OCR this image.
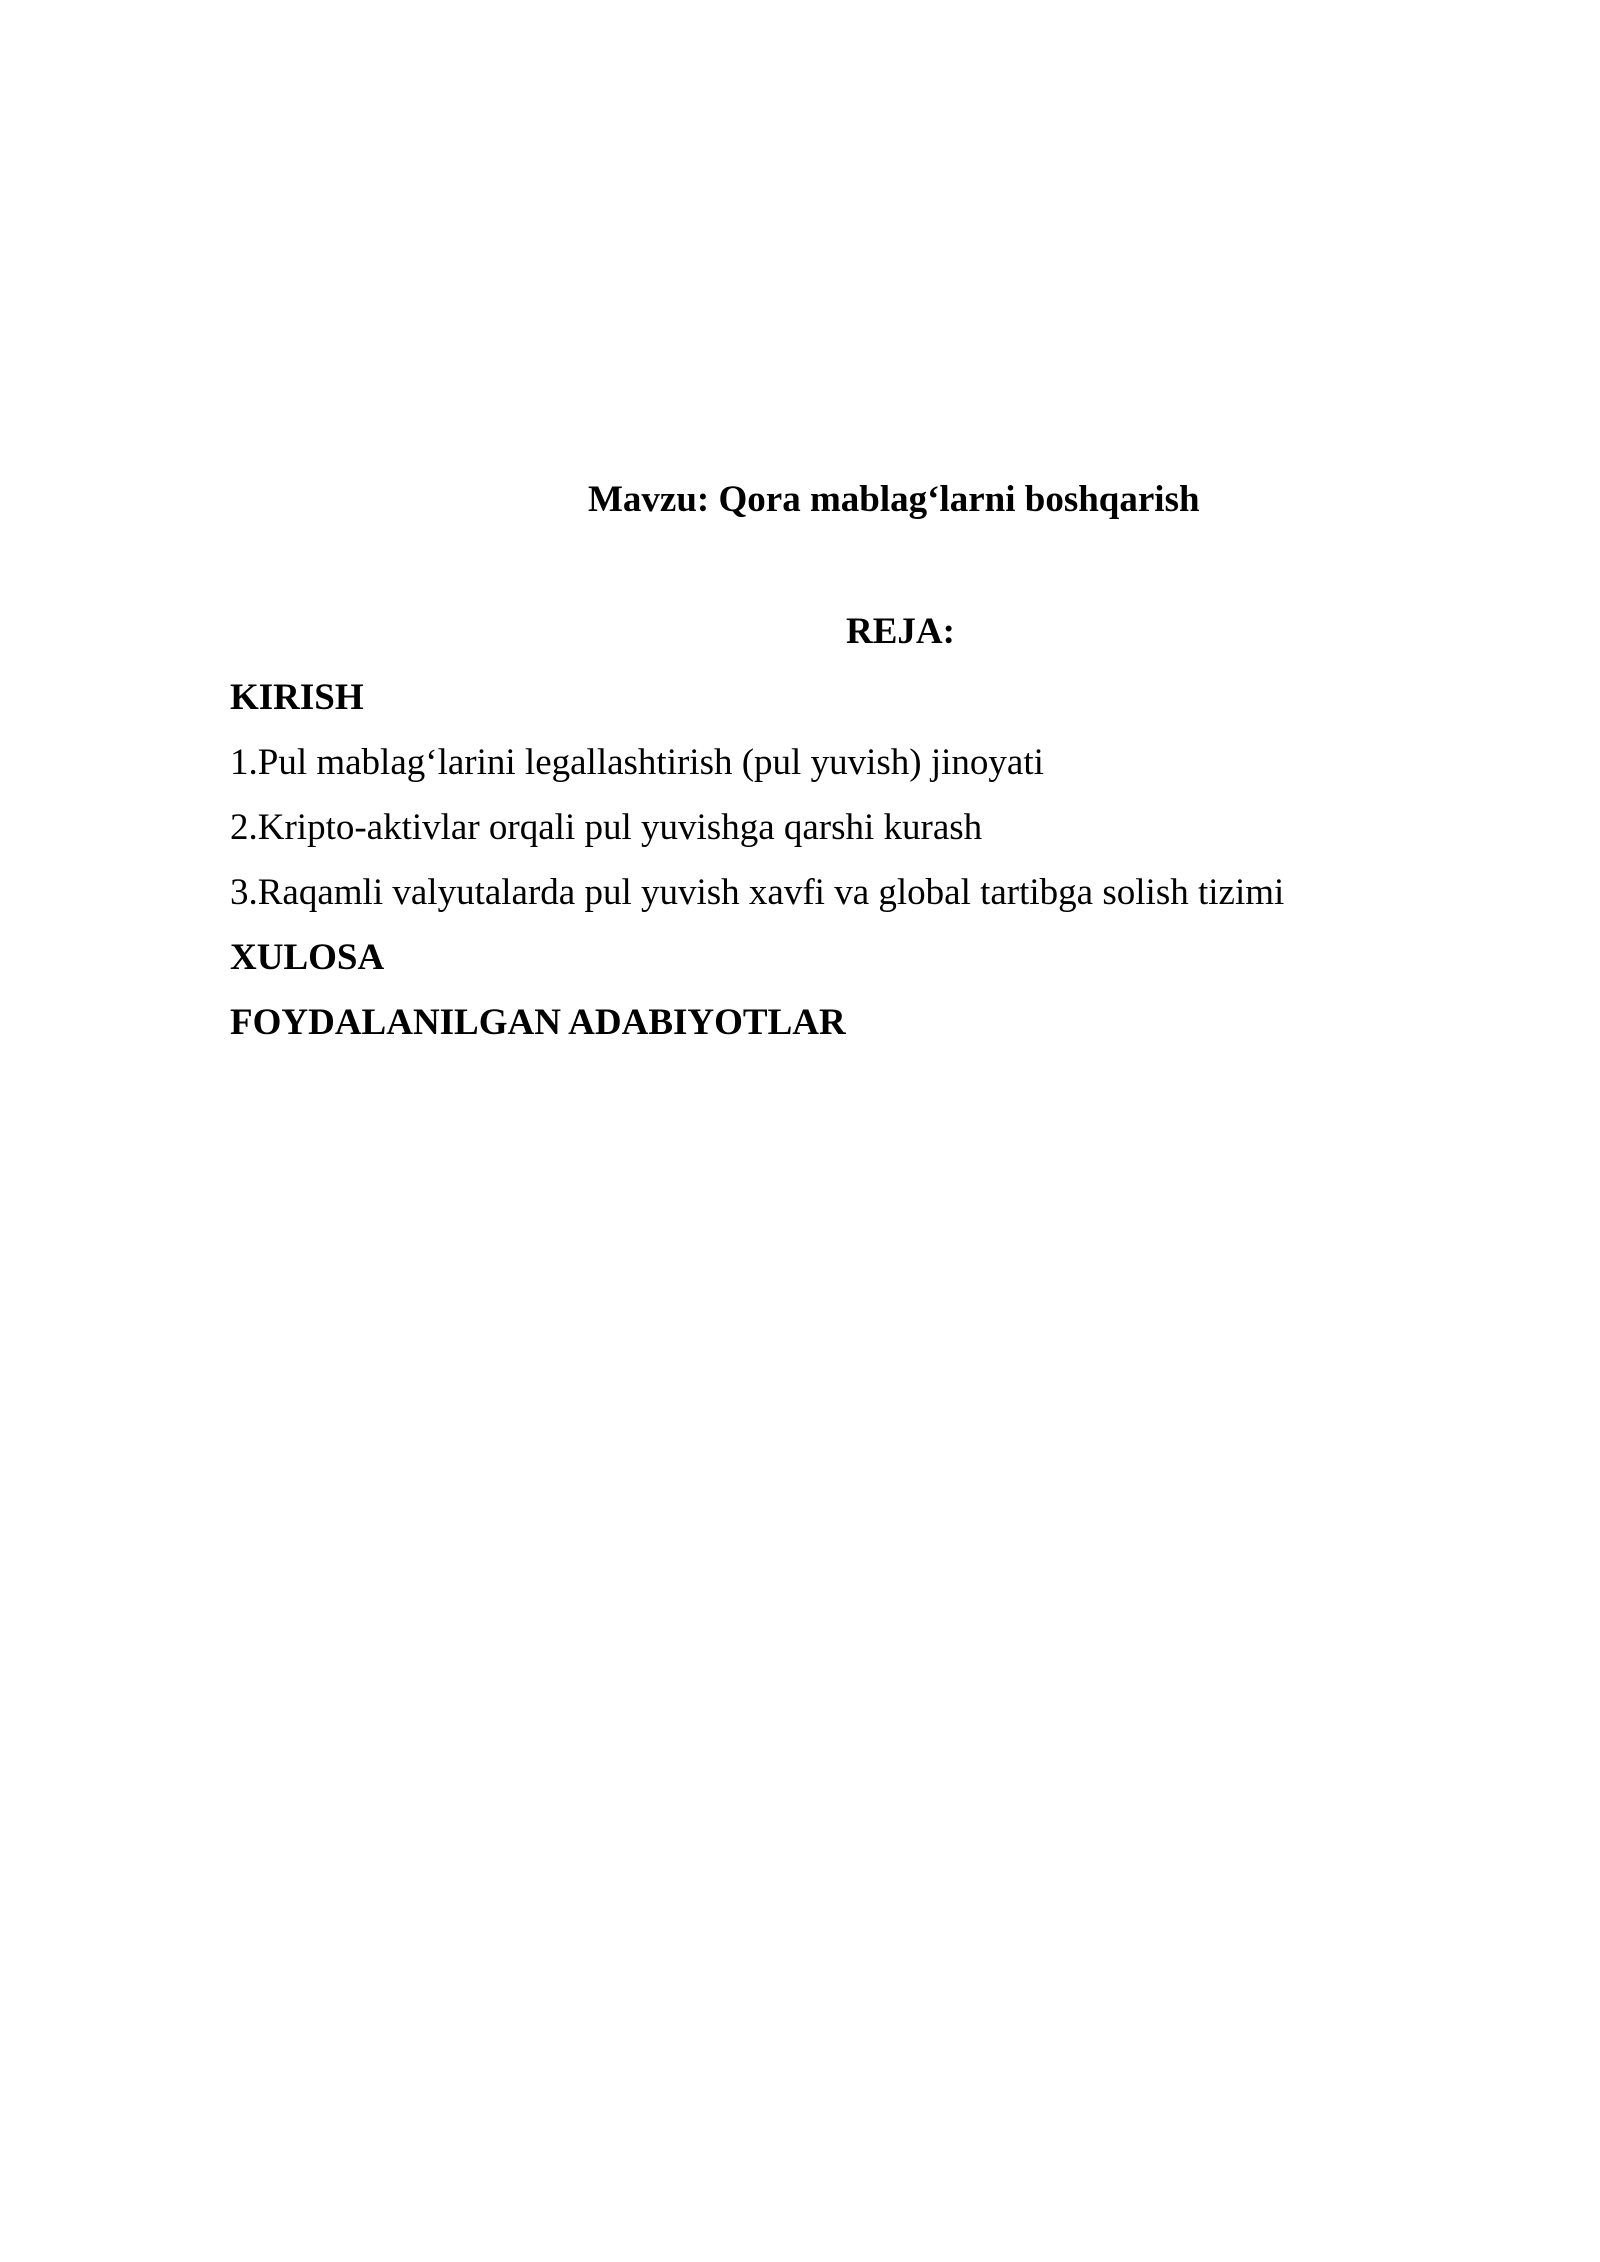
Mavzu: Qora mablag‘larni boshqarish
REJA:
KIRISH
1.Pul mablag‘larini legallashtirish (pul yuvish) jinoyati
2.Kripto-aktivlar orqali pul yuvishga qarshi kurash
3.Raqamli valyutalarda pul yuvish xavfi va global tartibga solish tizimi
XULOSA
FOYDALANILGAN ADABIYOTLAR
